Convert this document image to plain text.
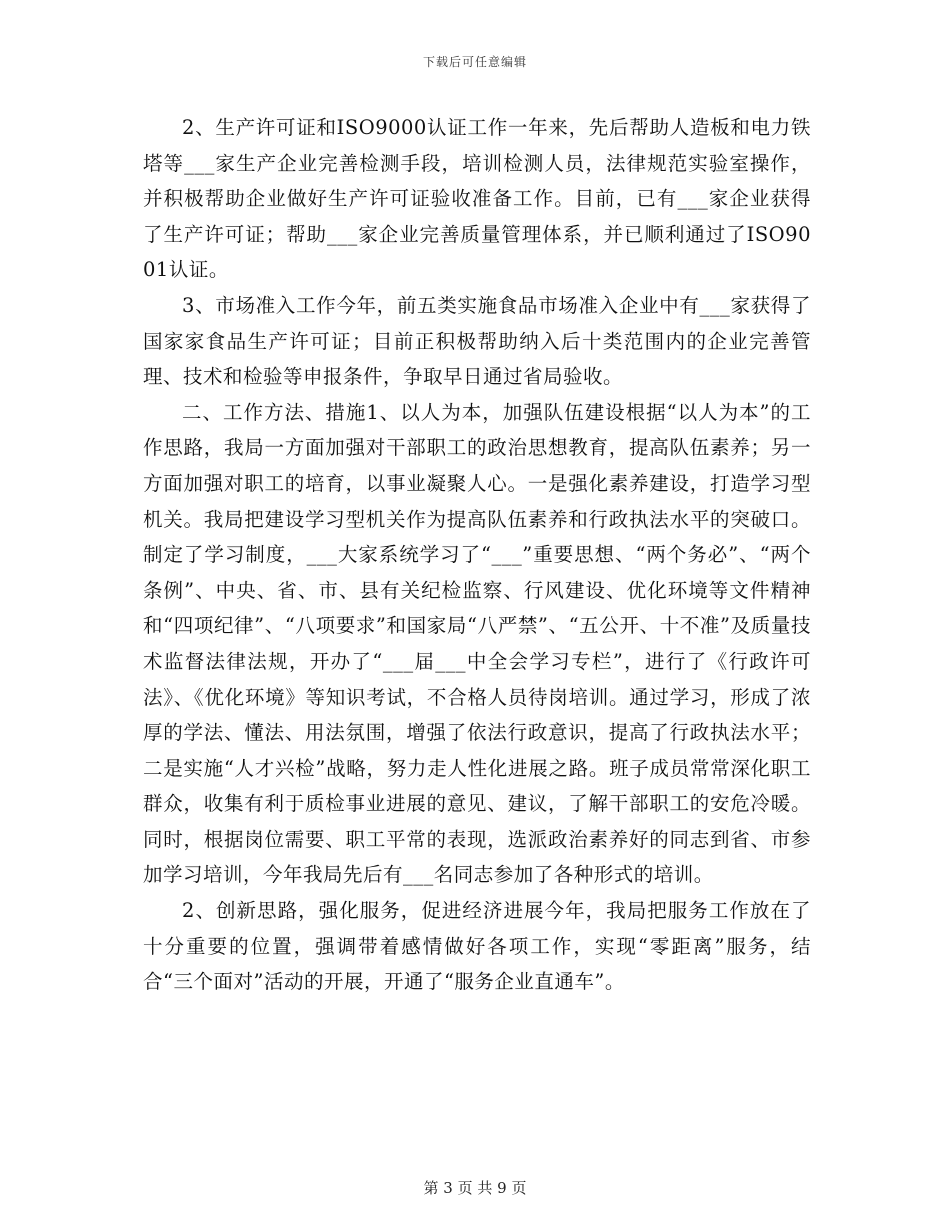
下载后可任意编辑

2、生产许可证和ISO9000认证工作一年来，先后帮助人造板和电力铁塔等___家生产企业完善检测手段，培训检测人员，法律规范实验室操作，并积极帮助企业做好生产许可证验收准备工作。目前，已有___家企业获得了生产许可证；帮助___家企业完善质量管理体系，并已顺利通过了ISO9001认证。

3、市场准入工作今年，前五类实施食品市场准入企业中有___家获得了国家家食品生产许可证；目前正积极帮助纳入后十类范围内的企业完善管理、技术和检验等申报条件，争取早日通过省局验收。

二、工作方法、措施1、以人为本，加强队伍建设根据“以人为本”的工作思路，我局一方面加强对干部职工的政治思想教育，提高队伍素养；另一方面加强对职工的培育，以事业凝聚人心。一是强化素养建设，打造学习型机关。我局把建设学习型机关作为提高队伍素养和行政执法水平的突破口。制定了学习制度，___大家系统学习了“___”重要思想、“两个务必”、“两个条例”、中央、省、市、县有关纪检监察、行风建设、优化环境等文件精神和“四项纪律”、“八项要求”和国家局“八严禁”、“五公开、十不准”及质量技术监督法律法规，开办了“___届___中全会学习专栏”，进行了《行政许可法》、《优化环境》等知识考试，不合格人员待岗培训。通过学习，形成了浓厚的学法、懂法、用法氛围，增强了依法行政意识，提高了行政执法水平；二是实施“人才兴检”战略，努力走人性化进展之路。班子成员常常深化职工群众，收集有利于质检事业进展的意见、建议，了解干部职工的安危冷暖。同时，根据岗位需要、职工平常的表现，选派政治素养好的同志到省、市参加学习培训，今年我局先后有___名同志参加了各种形式的培训。

2、创新思路，强化服务，促进经济进展今年，我局把服务工作放在了十分重要的位置，强调带着感情做好各项工作，实现“零距离”服务，结合“三个面对”活动的开展，开通了“服务企业直通车”。

第 3 页 共 9 页
